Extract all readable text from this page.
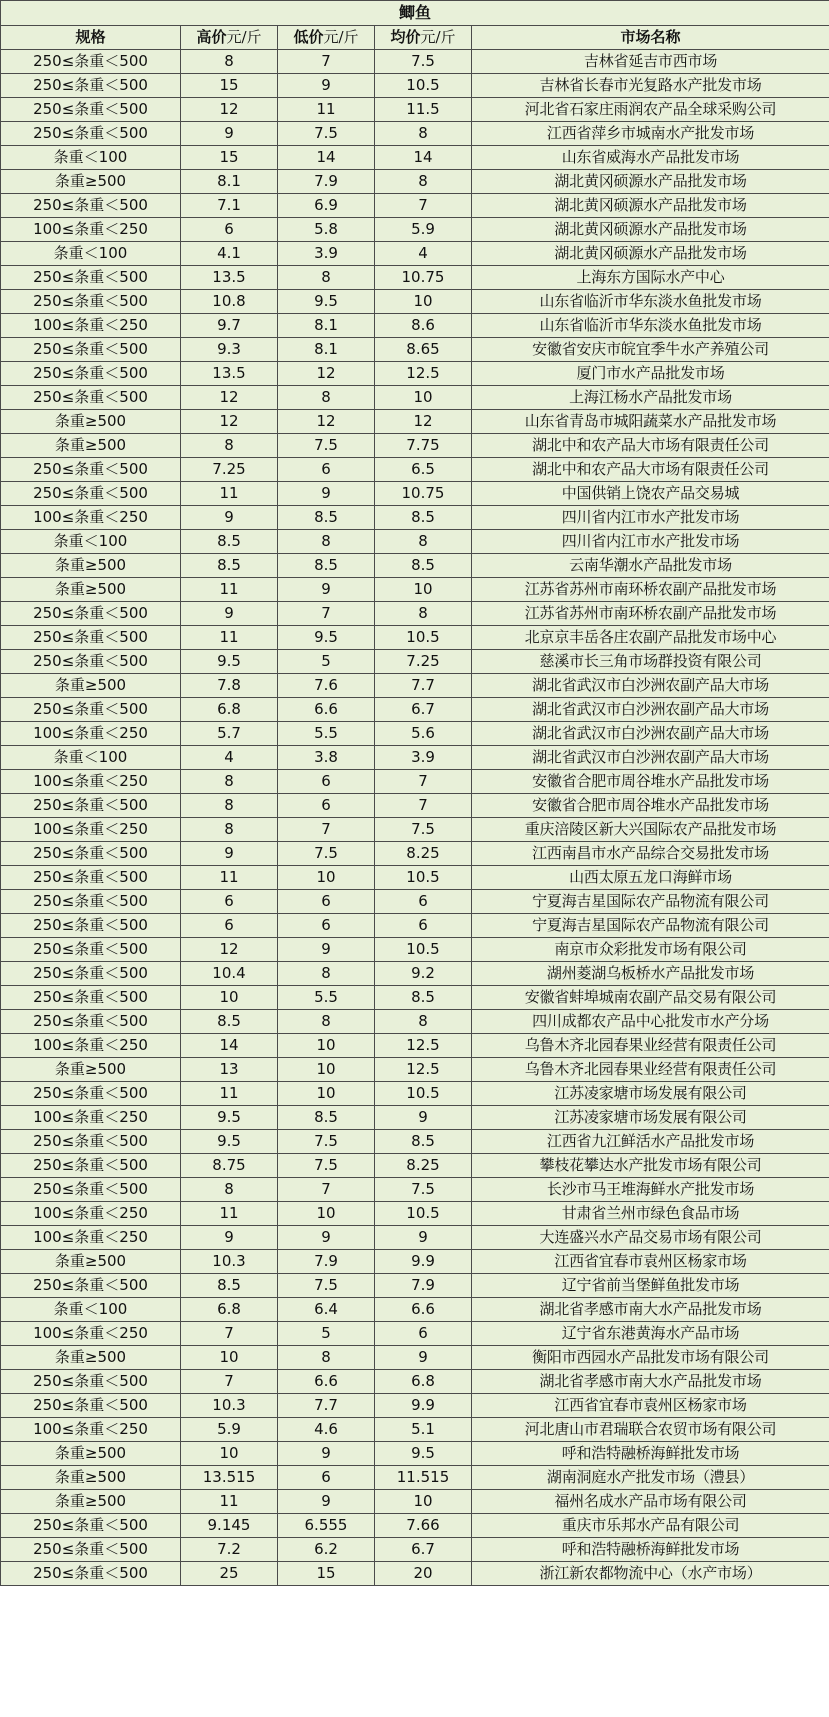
鲫鱼				
规格	高价元/斤	低价元/斤	均价元/斤	市场名称
250≤条重＜500	8	7	7.5	吉林省延吉市西市场
250≤条重＜500	15	9	10.5	吉林省长春市光复路水产批发市场
250≤条重＜500	12	11	11.5	河北省石家庄雨润农产品全球采购公司
250≤条重＜500	9	7.5	8	江西省萍乡市城南水产批发市场
条重＜100	15	14	14	山东省威海水产品批发市场
条重≥500	8.1	7.9	8	湖北黄冈硕源水产品批发市场
250≤条重＜500	7.1	6.9	7	湖北黄冈硕源水产品批发市场
100≤条重＜250	6	5.8	5.9	湖北黄冈硕源水产品批发市场
条重＜100	4.1	3.9	4	湖北黄冈硕源水产品批发市场
250≤条重＜500	13.5	8	10.75	上海东方国际水产中心
250≤条重＜500	10.8	9.5	10	山东省临沂市华东淡水鱼批发市场
100≤条重＜250	9.7	8.1	8.6	山东省临沂市华东淡水鱼批发市场
250≤条重＜500	9.3	8.1	8.65	安徽省安庆市皖宜季牛水产养殖公司
250≤条重＜500	13.5	12	12.5	厦门市水产品批发市场
250≤条重＜500	12	8	10	上海江杨水产品批发市场
条重≥500	12	12	12	山东省青岛市城阳蔬菜水产品批发市场
条重≥500	8	7.5	7.75	湖北中和农产品大市场有限责任公司
250≤条重＜500	7.25	6	6.5	湖北中和农产品大市场有限责任公司
250≤条重＜500	11	9	10.75	中国供销上饶农产品交易城
100≤条重＜250	9	8.5	8.5	四川省内江市水产批发市场
条重＜100	8.5	8	8	四川省内江市水产批发市场
条重≥500	8.5	8.5	8.5	云南华潮水产品批发市场
条重≥500	11	9	10	江苏省苏州市南环桥农副产品批发市场
250≤条重＜500	9	7	8	江苏省苏州市南环桥农副产品批发市场
250≤条重＜500	11	9.5	10.5	北京京丰岳各庄农副产品批发市场中心
250≤条重＜500	9.5	5	7.25	慈溪市长三角市场群投资有限公司
条重≥500	7.8	7.6	7.7	湖北省武汉市白沙洲农副产品大市场
250≤条重＜500	6.8	6.6	6.7	湖北省武汉市白沙洲农副产品大市场
100≤条重＜250	5.7	5.5	5.6	湖北省武汉市白沙洲农副产品大市场
条重＜100	4	3.8	3.9	湖北省武汉市白沙洲农副产品大市场
100≤条重＜250	8	6	7	安徽省合肥市周谷堆水产品批发市场
250≤条重＜500	8	6	7	安徽省合肥市周谷堆水产品批发市场
100≤条重＜250	8	7	7.5	重庆涪陵区新大兴国际农产品批发市场
250≤条重＜500	9	7.5	8.25	江西南昌市水产品综合交易批发市场
250≤条重＜500	11	10	10.5	山西太原五龙口海鲜市场
250≤条重＜500	6	6	6	宁夏海吉星国际农产品物流有限公司
250≤条重＜500	6	6	6	宁夏海吉星国际农产品物流有限公司
250≤条重＜500	12	9	10.5	南京市众彩批发市场有限公司
250≤条重＜500	10.4	8	9.2	湖州菱湖乌板桥水产品批发市场
250≤条重＜500	10	5.5	8.5	安徽省蚌埠城南农副产品交易有限公司
250≤条重＜500	8.5	8	8	四川成都农产品中心批发市水产分场
100≤条重＜250	14	10	12.5	乌鲁木齐北园春果业经营有限责任公司
条重≥500	13	10	12.5	乌鲁木齐北园春果业经营有限责任公司
250≤条重＜500	11	10	10.5	江苏凌家塘市场发展有限公司
100≤条重＜250	9.5	8.5	9	江苏凌家塘市场发展有限公司
250≤条重＜500	9.5	7.5	8.5	江西省九江鲜活水产品批发市场
250≤条重＜500	8.75	7.5	8.25	攀枝花攀达水产批发市场有限公司
250≤条重＜500	8	7	7.5	长沙市马王堆海鲜水产批发市场
100≤条重＜250	11	10	10.5	甘肃省兰州市绿色食品市场
100≤条重＜250	9	9	9	大连盛兴水产品交易市场有限公司
条重≥500	10.3	7.9	9.9	江西省宜春市袁州区杨家市场
250≤条重＜500	8.5	7.5	7.9	辽宁省前当堡鲜鱼批发市场
条重＜100	6.8	6.4	6.6	湖北省孝感市南大水产品批发市场
100≤条重＜250	7	5	6	辽宁省东港黄海水产品市场
条重≥500	10	8	9	衡阳市西园水产品批发市场有限公司
250≤条重＜500	7	6.6	6.8	湖北省孝感市南大水产品批发市场
250≤条重＜500	10.3	7.7	9.9	江西省宜春市袁州区杨家市场
100≤条重＜250	5.9	4.6	5.1	河北唐山市君瑞联合农贸市场有限公司
条重≥500	10	9	9.5	呼和浩特融桥海鲜批发市场
条重≥500	13.515	6	11.515	湖南洞庭水产批发市场（澧县）
条重≥500	11	9	10	福州名成水产品市场有限公司
250≤条重＜500	9.145	6.555	7.66	重庆市乐邦水产品有限公司
250≤条重＜500	7.2	6.2	6.7	呼和浩特融桥海鲜批发市场
250≤条重＜500	25	15	20	浙江新农都物流中心（水产市场）
